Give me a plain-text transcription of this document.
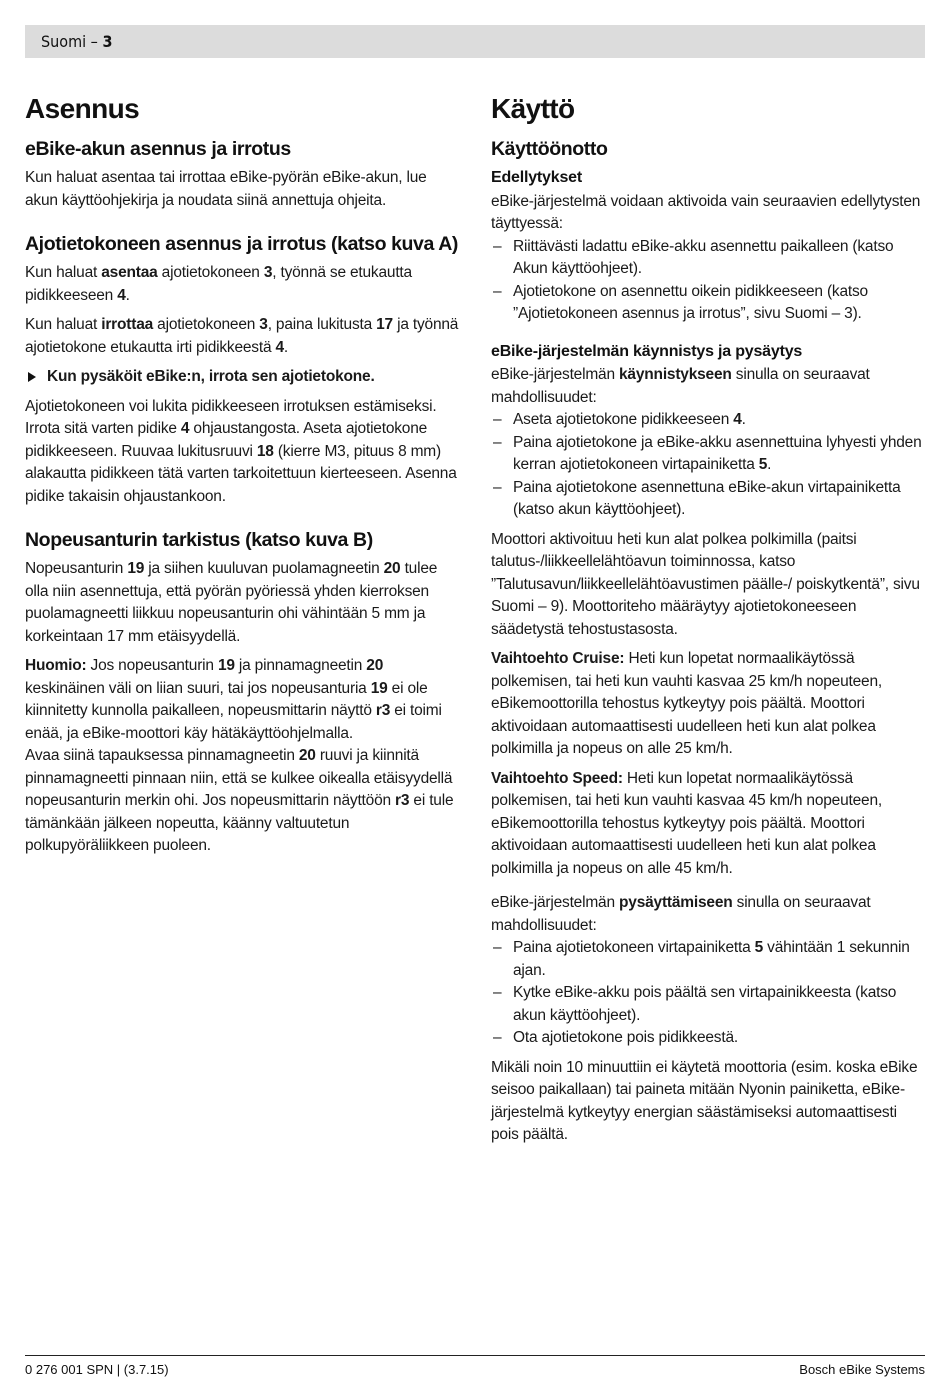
Suomi – 3
Asennus
eBike-akun asennus ja irrotus

Kun haluat asentaa tai irrottaa eBike-pyörän eBike-akun, lue akun käyttöohjekirja ja noudata siinä annettuja ohjeita.

Ajotietokoneen asennus ja irrotus (katso kuva A)

Kun haluat asentaa ajotietokoneen 3, työnnä se etukautta pidikkeeseen 4.

Kun haluat irrottaa ajotietokoneen 3, paina lukitusta 17 ja työnnä ajotietokone etukautta irti pidikkeestä 4.

Kun pysäköit eBike:n, irrota sen ajotietokone.

Ajotietokoneen voi lukita pidikkeeseen irrotuksen estämiseksi. Irrota sitä varten pidike 4 ohjaustangosta. Aseta ajotietokone pidikkeeseen. Ruuvaa lukitusruuvi 18 (kierre M3, pituus 8 mm) alakautta pidikkeen tätä varten tarkoitettuun kierteeseen. Asenna pidike takaisin ohjaustankoon.

Nopeusanturin tarkistus (katso kuva B)

Nopeusanturin 19 ja siihen kuuluvan puolamagneetin 20 tulee olla niin asennettuja, että pyörän pyöriessä yhden kierroksen puolamagneetti liikkuu nopeusanturin ohi vähintään 5 mm ja korkeintaan 17 mm etäisyydellä.

Huomio: Jos nopeusanturin 19 ja pinnamagneetin 20 keskinäinen väli on liian suuri, tai jos nopeusanturia 19 ei ole kiinnitetty kunnolla paikalleen, nopeusmittarin näyttö r3 ei toimi enää, ja eBike-moottori käy hätäkäyttöohjelmalla.

Avaa siinä tapauksessa pinnamagneetin 20 ruuvi ja kiinnitä pinnamagneetti pinnaan niin, että se kulkee oikealla etäisyydellä nopeusanturin merkin ohi. Jos nopeusmittarin näyttöön r3 ei tule tämänkään jälkeen nopeutta, käänny valtuutetun polkupyöräliikkeen puoleen.

Käyttö
Käyttöönotto
Edellytykset

eBike-järjestelmä voidaan aktivoida vain seuraavien edellytysten täyttyessä:

– Riittävästi ladattu eBike-akku asennettu paikalleen (katso Akun käyttöohjeet).
– Ajotietokone on asennettu oikein pidikkeeseen (katso ”Ajotietokoneen asennus ja irrotus”, sivu Suomi – 3).
eBike-järjestelmän käynnistys ja pysäytys

eBike-järjestelmän käynnistykseen sinulla on seuraavat mahdollisuudet:

– Aseta ajotietokone pidikkeeseen 4.
– Paina ajotietokone ja eBike-akku asennettuina lyhyesti yhden kerran ajotietokoneen virtapainiketta 5.
– Paina ajotietokone asennettuna eBike-akun virtapainiketta (katso akun käyttöohjeet).

Moottori aktivoituu heti kun alat polkea polkimilla (paitsi talutus-/liikkeellelähtöavun toiminnossa, katso ”Talutusavun/liikkeellelähtöavustimen päälle-/ poiskytkentä”, sivu Suomi – 9). Moottoriteho määräytyy ajotietokoneeseen säädetystä tehostustasosta.

Vaihtoehto Cruise: Heti kun lopetat normaalikäytössä polkemisen, tai heti kun vauhti kasvaa 25 km/h nopeuteen, eBikemoottorilla tehostus kytkeytyy pois päältä. Moottori aktivoidaan automaattisesti uudelleen heti kun alat polkea polkimilla ja nopeus on alle 25 km/h.

Vaihtoehto Speed: Heti kun lopetat normaalikäytössä polkemisen, tai heti kun vauhti kasvaa 45 km/h nopeuteen, eBikemoottorilla tehostus kytkeytyy pois päältä. Moottori aktivoidaan automaattisesti uudelleen heti kun alat polkea polkimilla ja nopeus on alle 45 km/h.

eBike-järjestelmän pysäyttämiseen sinulla on seuraavat mahdollisuudet:

– Paina ajotietokoneen virtapainiketta 5 vähintään 1 sekunnin ajan.
– Kytke eBike-akku pois päältä sen virtapainikkeesta (katso akun käyttöohjeet).
– Ota ajotietokone pois pidikkeestä.

Mikäli noin 10 minuuttiin ei käytetä moottoria (esim. koska eBike seisoo paikallaan) tai paineta mitään Nyonin painiketta, eBike-järjestelmä kytkeytyy energian säästämiseksi automaattisesti pois päältä.

0 276 001 SPN | (3.7.15)	Bosch eBike Systems
